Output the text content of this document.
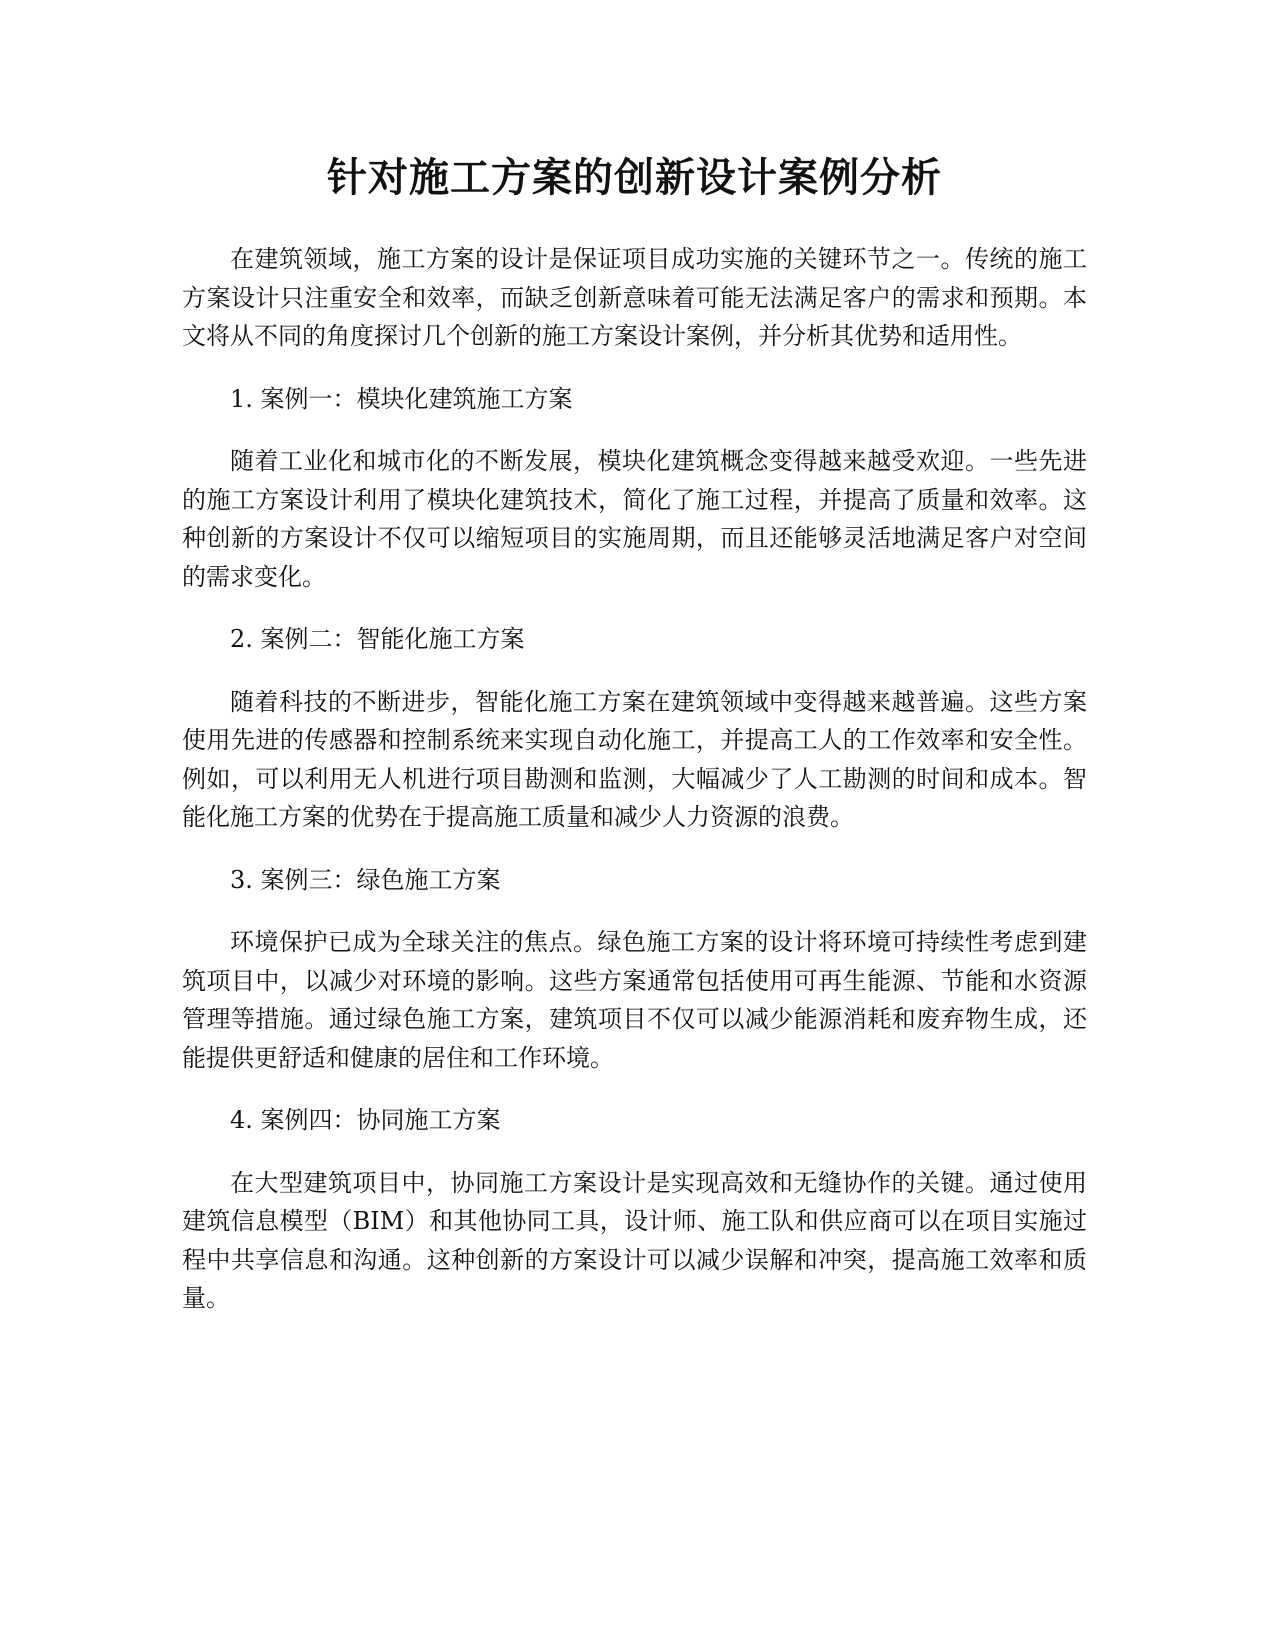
针对施工方案的创新设计案例分析

在建筑领域，施工方案的设计是保证项目成功实施的关键环节之一。传统的施工方案设计只注重安全和效率，而缺乏创新意味着可能无法满足客户的需求和预期。本文将从不同的角度探讨几个创新的施工方案设计案例，并分析其优势和适用性。

1. 案例一：模块化建筑施工方案

随着工业化和城市化的不断发展，模块化建筑概念变得越来越受欢迎。一些先进的施工方案设计利用了模块化建筑技术，简化了施工过程，并提高了质量和效率。这种创新的方案设计不仅可以缩短项目的实施周期，而且还能够灵活地满足客户对空间的需求变化。

2. 案例二：智能化施工方案

随着科技的不断进步，智能化施工方案在建筑领域中变得越来越普遍。这些方案使用先进的传感器和控制系统来实现自动化施工，并提高工人的工作效率和安全性。例如，可以利用无人机进行项目勘测和监测，大幅减少了人工勘测的时间和成本。智能化施工方案的优势在于提高施工质量和减少人力资源的浪费。

3. 案例三：绿色施工方案

环境保护已成为全球关注的焦点。绿色施工方案的设计将环境可持续性考虑到建筑项目中，以减少对环境的影响。这些方案通常包括使用可再生能源、节能和水资源管理等措施。通过绿色施工方案，建筑项目不仅可以减少能源消耗和废弃物生成，还能提供更舒适和健康的居住和工作环境。

4. 案例四：协同施工方案

在大型建筑项目中，协同施工方案设计是实现高效和无缝协作的关键。通过使用建筑信息模型（BIM）和其他协同工具，设计师、施工队和供应商可以在项目实施过程中共享信息和沟通。这种创新的方案设计可以减少误解和冲突，提高施工效率和质量。
